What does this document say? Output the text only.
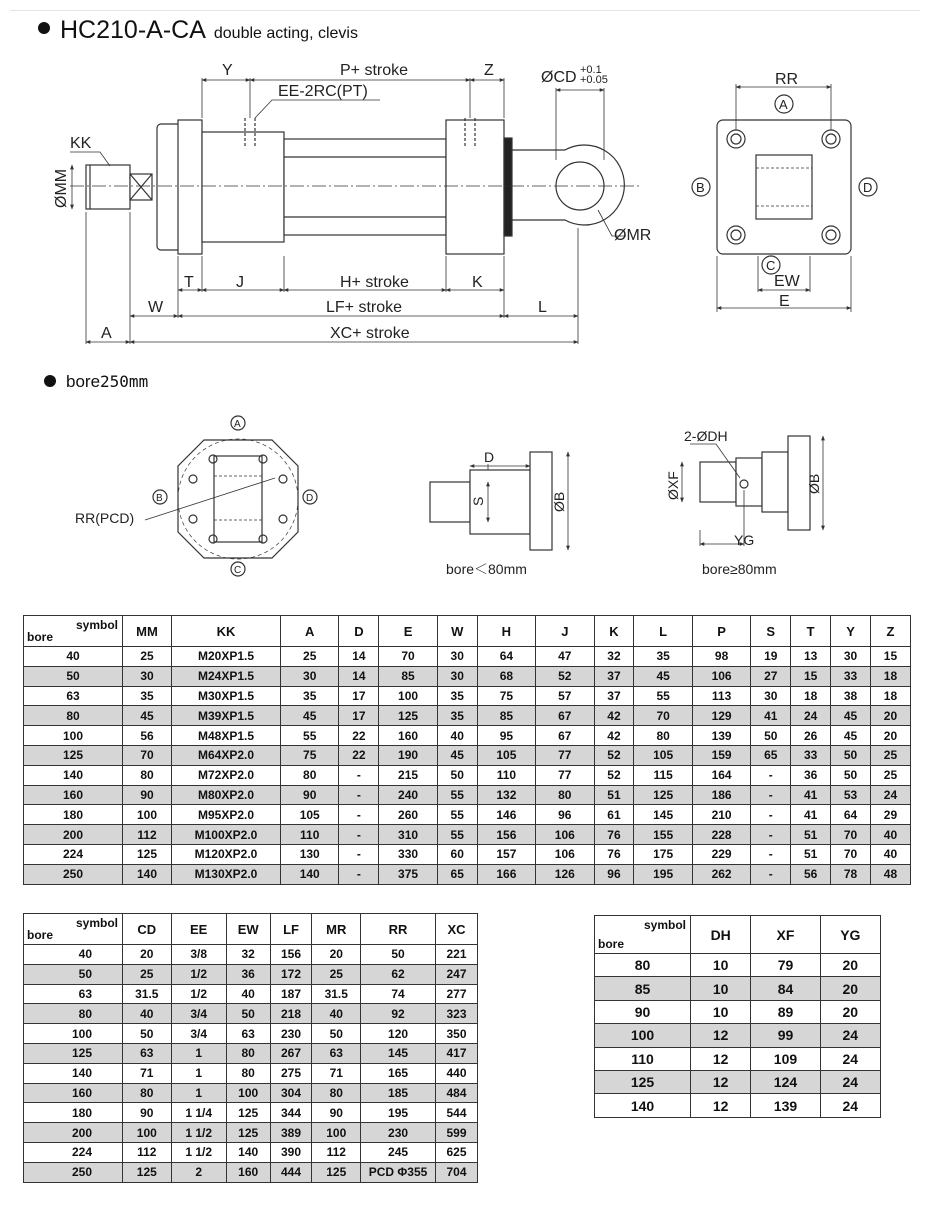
HC210-A-CA double acting, clevis
Y	P+ stroke	Z
EE-2RC(PT)
ØCD +0.1
+0.05	RR
KK
ØMM
ØMR
T	J	H+ stroke	K
W	LF+ stroke	L
A	XC+ stroke
EW
E
A
B	D
C
A
B	D
C
RR(PCD)
D
S	ØB
bore＜80mm
2-ØDH
ØXF
YG
ØB
bore≥80mm
bore250mm
symbol
bore	MM	KK	A	D	E	W	H	J	K	L	P	S	T	Y	Z
40	25	M20XP1.5	25	14	70	30	64	47	32	35	98	19	13	30	15
50	30	M24XP1.5	30	14	85	30	68	52	37	45	106	27	15	33	18
63	35	M30XP1.5	35	17	100	35	75	57	37	55	113	30	18	38	18
80	45	M39XP1.5	45	17	125	35	85	67	42	70	129	41	24	45	20
100	56	M48XP1.5	55	22	160	40	95	67	42	80	139	50	26	45	20
125	70	M64XP2.0	75	22	190	45	105	77	52	105	159	65	33	50	25
140	80	M72XP2.0	80	-	215	50	110	77	52	115	164	-	36	50	25
160	90	M80XP2.0	90	-	240	55	132	80	51	125	186	-	41	53	24
180	100	M95XP2.0	105	-	260	55	146	96	61	145	210	-	41	64	29
200	112	M100XP2.0	110	-	310	55	156	106	76	155	228	-	51	70	40
224	125	M120XP2.0	130	-	330	60	157	106	76	175	229	-	51	70	40
250	140	M130XP2.0	140	-	375	65	166	126	96	195	262	-	56	78	48
symbol
bore	CD	EE	EW	LF	MR	RR	XC
40	20	3/8	32	156	20	50	221
50	25	1/2	36	172	25	62	247
63	31.5	1/2	40	187	31.5	74	277
80	40	3/4	50	218	40	92	323
100	50	3/4	63	230	50	120	350
125	63	1	80	267	63	145	417
140	71	1	80	275	71	165	440
160	80	1	100	304	80	185	484
180	90	1 1/4	125	344	90	195	544
200	100	1 1/2	125	389	100	230	599
224	112	1 1/2	140	390	112	245	625
250	125	2	160	444	125	PCD Φ355	704
symbol
bore	DH	XF	YG
80	10	79	20
85	10	84	20
90	10	89	20
100	12	99	24
110	12	109	24
125	12	124	24
140	12	139	24
